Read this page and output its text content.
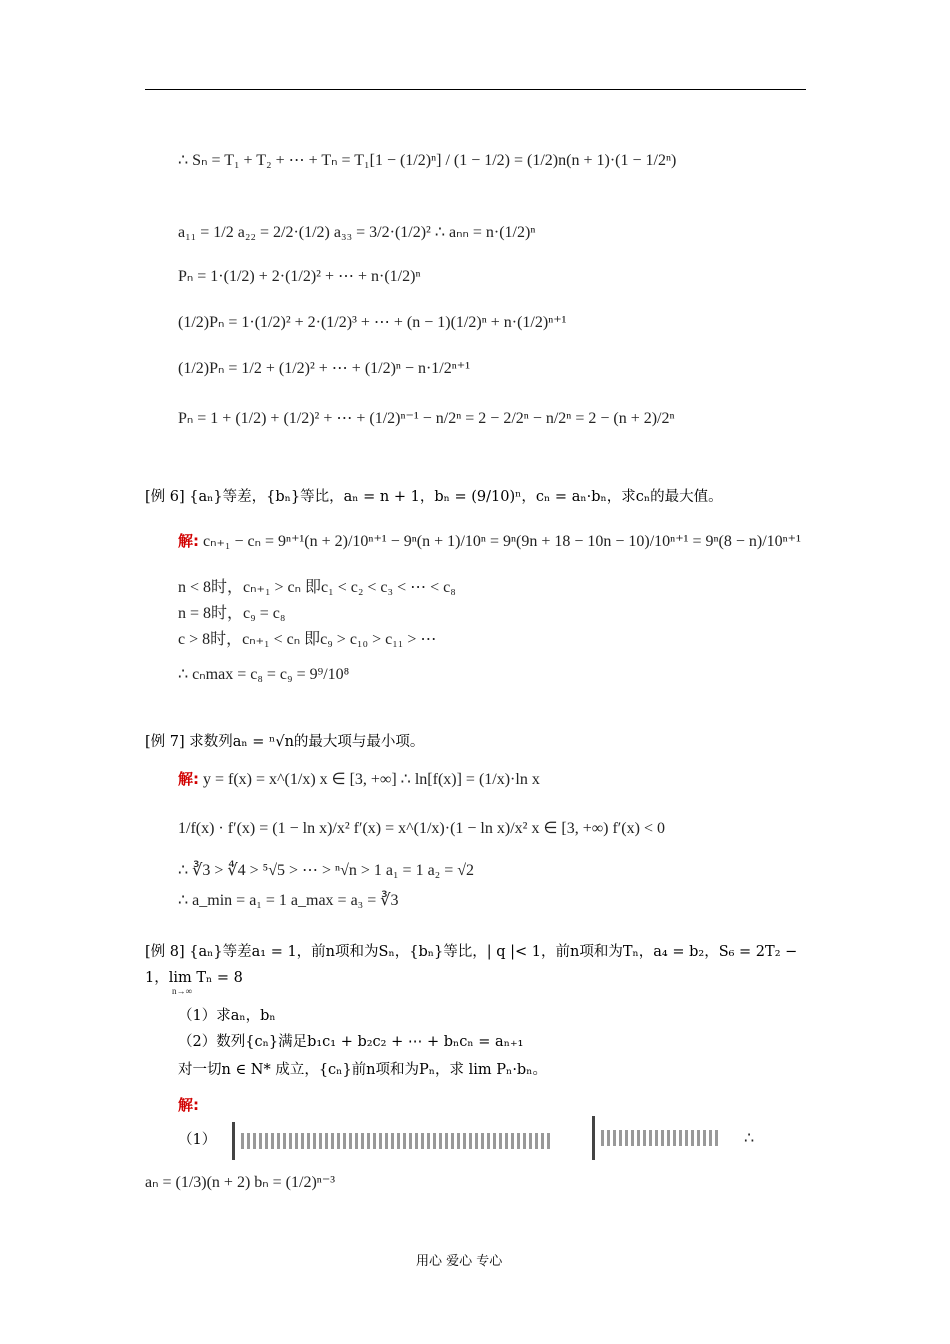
∴ Sₙ = T₁ + T₂ + ⋯ + Tₙ = T₁[1 − (1/2)ⁿ] / (1 − 1/2) = (1/2)n(n + 1)·(1 − 1/2ⁿ)
a₁₁ = 1/2 a₂₂ = 2/2·(1/2) a₃₃ = 3/2·(1/2)² ∴ aₙₙ = n·(1/2)ⁿ
Pₙ = 1·(1/2) + 2·(1/2)² + ⋯ + n·(1/2)ⁿ
(1/2)Pₙ = 1·(1/2)² + 2·(1/2)³ + ⋯ + (n − 1)(1/2)ⁿ + n·(1/2)ⁿ⁺¹
(1/2)Pₙ = 1/2 + (1/2)² + ⋯ + (1/2)ⁿ − n·1/2ⁿ⁺¹
Pₙ = 1 + (1/2) + (1/2)² + ⋯ + (1/2)ⁿ⁻¹ − n/2ⁿ = 2 − 2/2ⁿ − n/2ⁿ = 2 − (n + 2)/2ⁿ
[例 6] {aₙ}等差，{bₙ}等比，aₙ = n + 1，bₙ = (9/10)ⁿ，cₙ = aₙ·bₙ，求cₙ的最大值。
解: cₙ₊₁ − cₙ = 9ⁿ⁺¹(n + 2)/10ⁿ⁺¹ − 9ⁿ(n + 1)/10ⁿ = 9ⁿ(9n + 18 − 10n − 10)/10ⁿ⁺¹ = 9ⁿ(8 − n)/10ⁿ⁺¹
n < 8时，cₙ₊₁ > cₙ 即c₁ < c₂ < c₃ < ⋯ < c₈
n = 8时，c₉ = c₈
c > 8时，cₙ₊₁ < cₙ 即c₉ > c₁₀ > c₁₁ > ⋯
∴ cₙmax = c₈ = c₉ = 9⁹/10⁸
[例 7] 求数列aₙ = ⁿ√n的最大项与最小项。
解: y = f(x) = x^(1/x) x ∈ [3, +∞] ∴ ln[f(x)] = (1/x)·ln x
1/f(x) · f′(x) = (1 − ln x)/x² f′(x) = x^(1/x)·(1 − ln x)/x² x ∈ [3, +∞) f′(x) < 0
∴ ∛3 > ∜4 > ⁵√5 > ⋯ > ⁿ√n > 1 a₁ = 1 a₂ = √2
∴ a_min = a₁ = 1 a_max = a₃ = ∛3
[例 8] {aₙ}等差a₁ = 1，前n项和为Sₙ，{bₙ}等比，| q |< 1，前n项和为Tₙ，a₄ = b₂，S₆ = 2T₂ −
1，lim Tₙ = 8
n→∞
（1）求aₙ，bₙ
（2）数列{cₙ}满足b₁c₁ + b₂c₂ + ⋯ + bₙcₙ = aₙ₊₁
对一切n ∈ N* 成立，{cₙ}前n项和为Pₙ，求 lim Pₙ·bₙ。
解:
（1）	∴
aₙ = (1/3)(n + 2) bₙ = (1/2)ⁿ⁻³
用心 爱心 专心
